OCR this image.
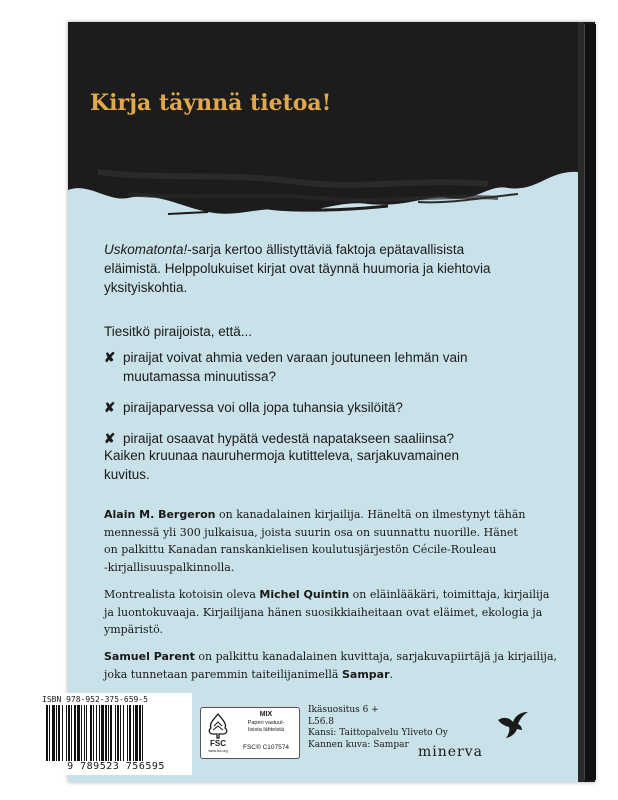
Kirja täynnä tietoa!
Uskomatonta!-sarja kertoo ällistyttäviä faktoja epätavallisista
eläimistä. Helppolukuiset kirjat ovat täynnä huumoria ja kiehtovia
yksityiskohtia.
Tiesitkö piraijoista, että...
✘ piraijat voivat ahmia veden varaan joutuneen lehmän vain
muutamassa minuutissa?
✘ piraijaparvessa voi olla jopa tuhansia yksilöitä?
✘ piraijat osaavat hypätä vedestä napatakseen saaliinsa?
Kaiken kruunaa nauruhermoja kutitteleva, sarjakuvamainen
kuvitus.
Alain M. Bergeron on kanadalainen kirjailija. Häneltä on ilmestynyt tähän
mennessä yli 300 julkaisua, joista suurin osa on suunnattu nuorille. Hänet
on palkittu Kanadan ranskankielisen koulutusjärjestön Cécile-Rouleau
-kirjallisuuspalkinnolla.
Montrealista kotoisin oleva Michel Quintin on eläinlääkäri, toimittaja, kirjailija
ja luontokuvaaja. Kirjailijana hänen suosikkiaiheitaan ovat eläimet, ekologia ja
ympäristö.
Samuel Parent on palkittu kanadalainen kuvittaja, sarjakuvapiirtäjä ja kirjailija,
joka tunnetaan paremmin taiteilijanimellä Sampar.
ISBN 978-952-375-659-5
9 789523 756595
FSC
www.fsc.org
MIX
Paperi vastuul-
lisista lähteistä
FSC® C107574
Ikäsuositus 6 +
L56.8
Kansi: Taittopalvelu Yliveto Oy
Kannen kuva: Sampar minerva
